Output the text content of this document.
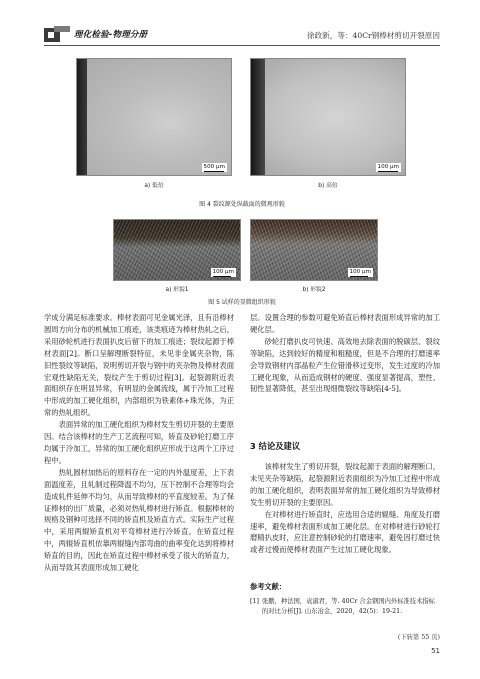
理化检验-物理分册	徐政新，等：40Cr钢棒材剪切开裂原因
500 μm	100 μm
a) 低倍	b) 高倍
图 4 裂纹源处纵截面的微观形貌
100 μm	100 μm
a) 形貌1	b) 形貌2
图 5 试样的显微组织形貌

学成分满足标准要求。棒材表面可见金属光泽，且有沿棒材圆周方向分布的机械加工痕迹，该类痕迹为棒材热轧之后，采用砂轮机进行表面扒皮后留下的加工痕迹；裂纹起源于棒材表面[2]。断口呈解理断裂特征，未见非金属夹杂物，陈旧性裂纹等缺陷，说明剪切开裂与钢中的夹杂物及棒材表面宏观性缺陷无关，裂纹产生于剪切过程[3]。起裂源附近表面组织存在明显异常，有明显的金属流线，属于冷加工过程中形成的加工硬化组织，内部组织为铁素体+珠光体，为正常的热轧组织。

表面异常的加工硬化组织为棒材发生剪切开裂的主要原因。结合该棒材的生产工艺流程可知，矫直及砂轮打磨工序均属于冷加工，异常的加工硬化组织应形成于这两个工序过程中。

热轧圆材加热后的原料存在一定的内外温度差，上下表面温度差，且轧制过程降温不均匀，压下控制不合理等均会造成轧件延伸不均匀，从而导致棒材的平直度较差。为了保证棒材的出厂质量，必须对热轧棒材进行矫直。根据棒材的规格及钢种可选择不同的矫直机及矫直方式。实际生产过程中，采用两辊矫直机对平弯棒材进行冷矫直。在矫直过程中，两辊矫直机依靠两辊缝内部弯曲的曲率变化达到将棒材矫直的目的，因此在矫直过程中棒材承受了很大的矫直力，从而导致其表面形成加工硬化

层。设置合理的参数可避免矫直后棒材表面形成异常的加工硬化层。

砂轮打磨扒皮可快速、高效地去除表面的脱碳层、裂纹等缺陷，达到较好的精度和粗糙度，但是不合理的打磨速率会导致钢材内部晶粒产生位错滑移过变形，发生过度的冷加工硬化现象，从而造成钢材的硬度、强度显著提高，塑性、韧性显著降低，甚至出现细微裂纹等缺陷[4-5]。

3 结论及建议

该棒材发生了剪切开裂，裂纹起源于表面的解理断口，未见夹杂等缺陷，起裂源附近表面组织为冷加工过程中形成的加工硬化组织，表明表面异常的加工硬化组织为导致棒材发生剪切开裂的主要原因。

在对棒材进行矫直时，应选用合适的辊缝、角度及打磨速率，避免棒材表面形成加工硬化层。在对棒材进行砂轮打磨精扒皮时，应注意控制砂轮的打磨速率，避免因打磨过快或者过慢而使棒材表面产生过加工硬化现象。

参考文献：
[1] 张鹏，种法国，袁淑君，等. 40Cr 合金钢国内外标准技术指标的对比分析[J]. 山东冶金，2020，42(5)：19-21.
(下转第 55 页)
51
